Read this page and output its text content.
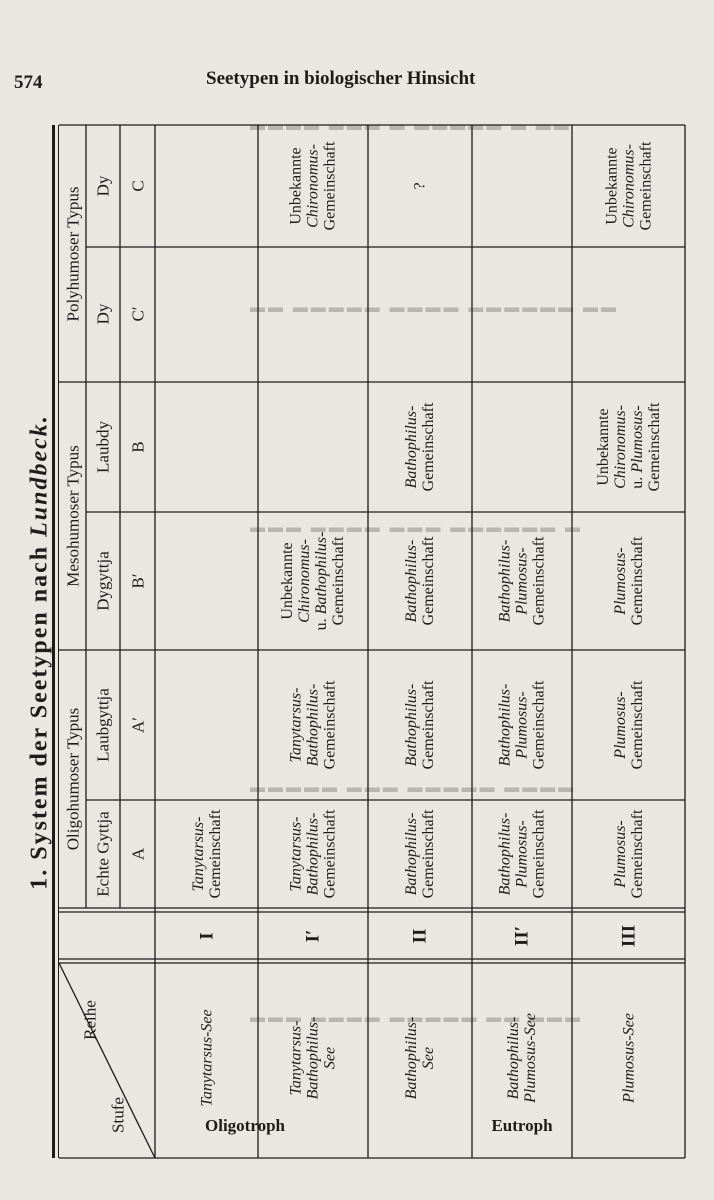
574	Seetypen in biologischer Hinsicht
▬▬▬▬ ▬▬▬ ▬ ▬▬▬▬▬ ▬ ▬▬
▬▬ ▬▬▬▬▬ ▬▬▬▬ ▬▬▬▬▬▬ ▬▬
▬▬▬ ▬▬▬▬ ▬▬▬ ▬▬▬▬▬▬ ▬
▬▬▬▬▬ ▬▬▬ ▬▬▬▬▬ ▬▬▬▬
▬▬▬ ▬▬▬▬ ▬▬▬▬▬ ▬▬ ▬▬▬
1. System der Seetypen nach Lundbeck.
Reihe
Stufe
Oligohumoser Typus
Mesohumoser Typus
Polyhumoser Typus
Echte Gyttja A
Laubgyttja A′
Dygyttja B′
Laubdy B
Dy C′
Dy C
Tanytarsus-See
I
Tanytarsus- Gemeinschaft
Tanytarsus- Bathophilus- See
I′
Tanytarsus- Bathophilus- Gemeinschaft
Tanytarsus- Bathophilus- Gemeinschaft
Unbekannte Chironomus- u. Bathophilus- Gemeinschaft
Unbekannte Chironomus- Gemeinschaft
Bathophilus- See
II
Bathophilus- Gemeinschaft
Bathophilus- Gemeinschaft
Bathophilus- Gemeinschaft
Bathophilus- Gemeinschaft
?
Bathophilus- Plumosus-See
II′
Bathophilus- Plumosus- Gemeinschaft
Bathophilus- Plumosus- Gemeinschaft
Bathophilus- Plumosus- Gemeinschaft
Plumosus-See
III
Plumosus- Gemeinschaft
Plumosus- Gemeinschaft
Plumosus- Gemeinschaft
Unbekannte Chironomus- u. Plumosus- Gemeinschaft
Unbekannte Chironomus- Gemeinschaft
Oligotroph	Eutroph
